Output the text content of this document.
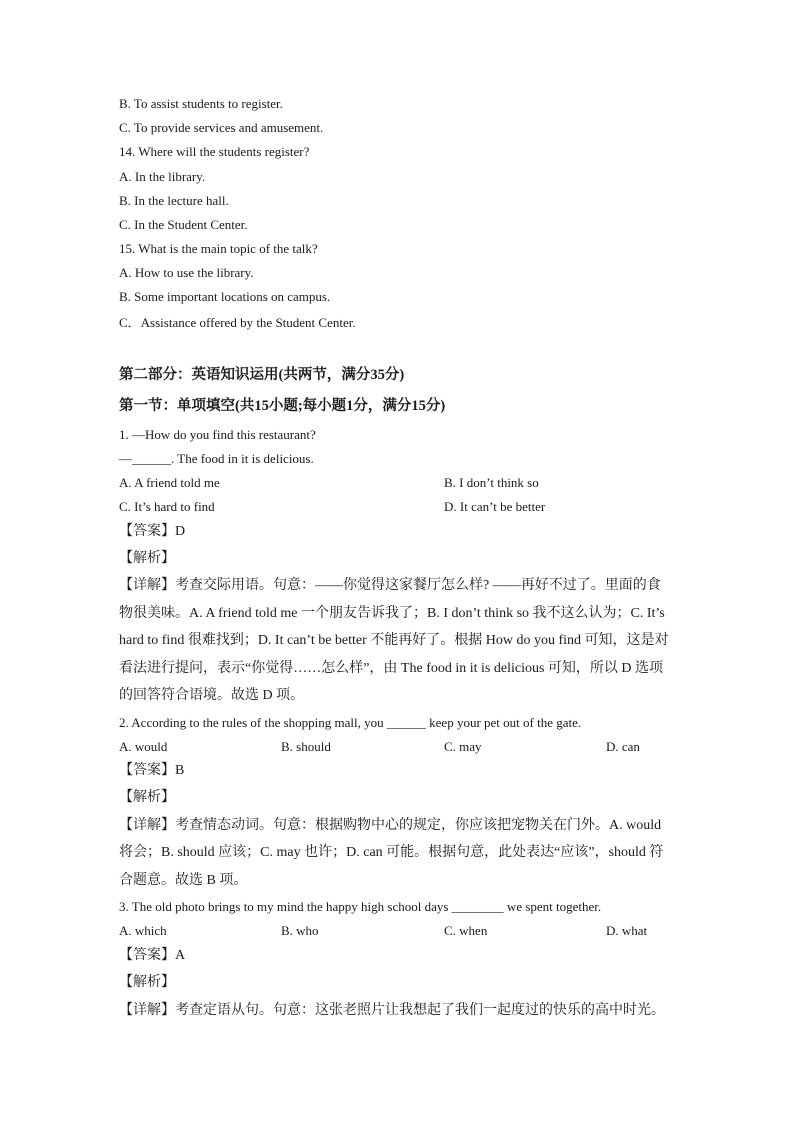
B. To assist students to register.
C. To provide services and amusement.
14. Where will the students register?
A. In the library.
B. In the lecture hall.
C. In the Student Center.
15. What is the main topic of the talk?
A. How to use the library.
B. Some important locations on campus.
C．Assistance offered by the Student Center.
第二部分：英语知识运用(共两节，满分35分)
第一节：单项填空(共15小题;每小题1分，满分15分)
1. —How do you find this restaurant?
—______. The food in it is delicious.
A. A friend told me	B. I don’t think so
C. It’s hard to find	D. It can’t be better
【答案】D
【解析】
【详解】考查交际用语。句意：——你觉得这家餐厅怎么样? ——再好不过了。里面的食
物很美味。A. A friend told me 一个朋友告诉我了；B. I don’t think so 我不这么认为；C. It’s
hard to find 很难找到；D. It can’t be better 不能再好了。根据 How do you find 可知，这是对
看法进行提问，表示“你觉得……怎么样”，由 The food in it is delicious 可知，所以 D 选项
的回答符合语境。故选 D 项。
2. According to the rules of the shopping mall, you ______ keep your pet out of the gate.
A. would	B. should	C. may	D. can
【答案】B
【解析】
【详解】考查情态动词。句意：根据购物中心的规定，你应该把宠物关在门外。A. would
将会；B. should 应该；C. may 也许；D. can 可能。根据句意，此处表达“应该”，should 符
合题意。故选 B 项。
3. The old photo brings to my mind the happy high school days ________ we spent together.
A. which	B. who	C. when	D. what
【答案】A
【解析】
【详解】考查定语从句。句意：这张老照片让我想起了我们一起度过的快乐的高中时光。
